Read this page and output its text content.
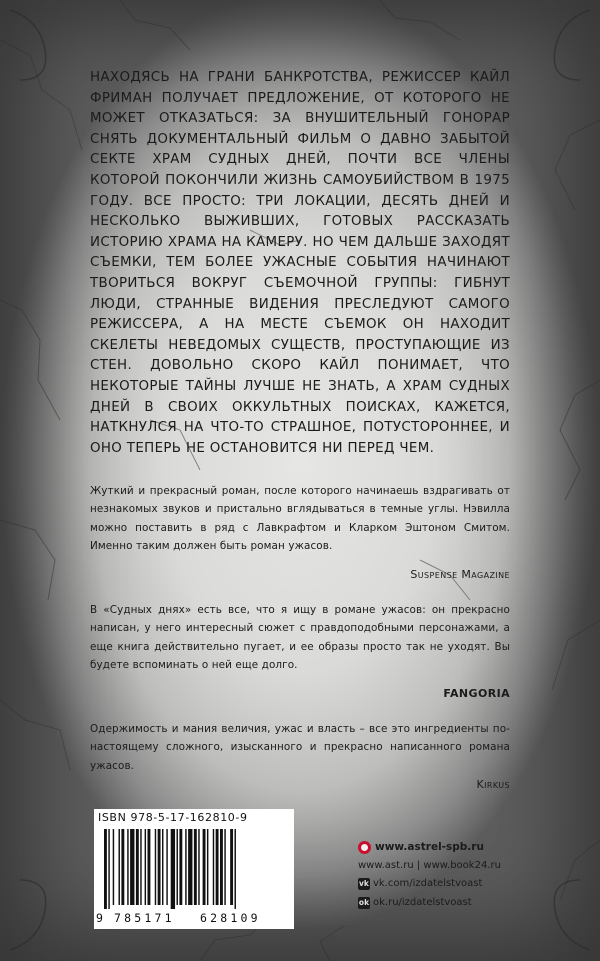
НАХОДЯСЬ НА ГРАНИ БАНКРОТСТВА, РЕЖИССЕР КАЙЛ ФРИМАН ПОЛУЧАЕТ ПРЕДЛОЖЕНИЕ, ОТ КОТОРОГО НЕ МОЖЕТ ОТКАЗАТЬСЯ: ЗА ВНУШИТЕЛЬНЫЙ ГОНОРАР СНЯТЬ ДОКУМЕНТАЛЬНЫЙ ФИЛЬМ О ДАВНО ЗАБЫТОЙ СЕКТЕ ХРАМ СУДНЫХ ДНЕЙ, ПОЧТИ ВСЕ ЧЛЕНЫ КОТОРОЙ ПОКОНЧИЛИ ЖИЗНЬ САМОУБИЙСТВОМ В 1975 ГОДУ. ВСЕ ПРОСТО: ТРИ ЛОКАЦИИ, ДЕСЯТЬ ДНЕЙ И НЕСКОЛЬКО ВЫЖИВШИХ, ГОТОВЫХ РАССКАЗАТЬ ИСТОРИЮ ХРАМА НА КАМЕРУ. НО ЧЕМ ДАЛЬШЕ ЗАХОДЯТ СЪЕМКИ, ТЕМ БОЛЕЕ УЖАСНЫЕ СОБЫТИЯ НАЧИНАЮТ ТВОРИТЬСЯ ВОКРУГ СЪЕМОЧНОЙ ГРУППЫ: ГИБНУТ ЛЮДИ, СТРАННЫЕ ВИДЕНИЯ ПРЕСЛЕДУЮТ САМОГО РЕЖИССЕРА, А НА МЕСТЕ СЪЕМОК ОН НАХОДИТ СКЕЛЕТЫ НЕВЕДОМЫХ СУЩЕСТВ, ПРОСТУПАЮЩИЕ ИЗ СТЕН. ДОВОЛЬНО СКОРО КАЙЛ ПОНИМАЕТ, ЧТО НЕКОТОРЫЕ ТАЙНЫ ЛУЧШЕ НЕ ЗНАТЬ, А ХРАМ СУДНЫХ ДНЕЙ В СВОИХ ОККУЛЬТНЫХ ПОИСКАХ, КАЖЕТСЯ, НАТКНУЛСЯ НА ЧТО-ТО СТРАШНОЕ, ПОТУСТОРОННЕЕ, И ОНО ТЕПЕРЬ НЕ ОСТАНОВИТСЯ НИ ПЕРЕД ЧЕМ.

Жуткий и прекрасный роман, после которого начинаешь вздрагивать от незнакомых звуков и пристально вглядываться в темные углы. Нэвилла можно поставить в ряд с Лавкрафтом и Кларком Эштоном Смитом. Именно таким должен быть роман ужасов.

Suspense Magazine

В «Судных днях» есть все, что я ищу в романе ужасов: он прекрасно написан, у него интересный сюжет с правдоподобными персонажами, а еще книга действительно пугает, и ее образы просто так не уходят. Вы будете вспоминать о ней еще долго.

FANGORIA

Одержимость и мания величия, ужас и власть – все это ингредиенты по-настоящему сложного, изысканного и прекрасно написанного романа ужасов.

Kirkus

ISBN 978-5-17-162810-9
9 785171 628109
www.astrel-spb.ru
www.ast.ru | www.book24.ru
vk vk.com/izdatelstvoast
ok ok.ru/izdatelstvoast
